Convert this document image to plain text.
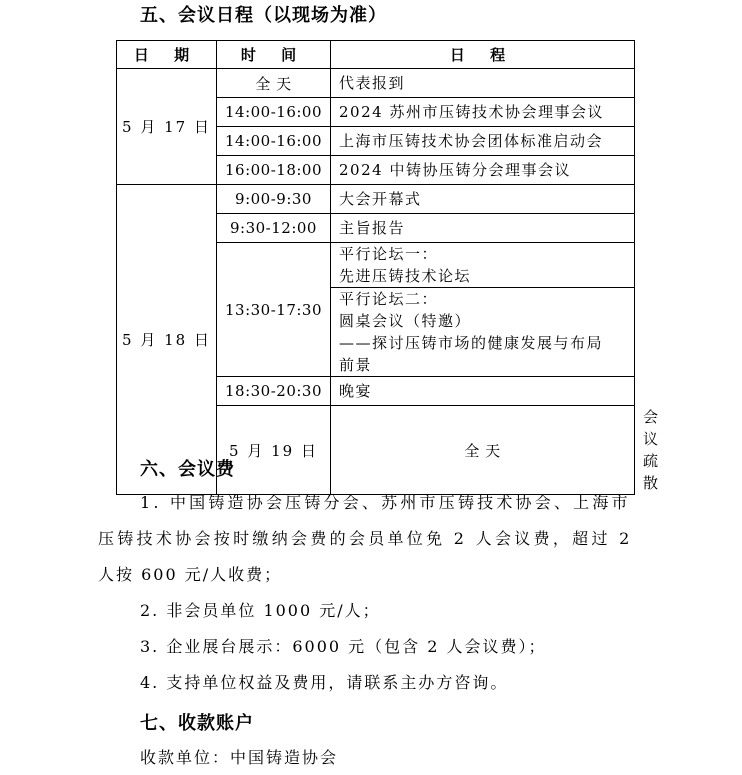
五、会议日程（以现场为准）
日 期	时 间	日 程	
5 月 17 日	全 天	代表报到	
	14:00-16:00	2024 苏州市压铸技术协会理事会议	
	14:00-16:00	上海市压铸技术协会团体标准启动会	
	16:00-18:00	2024 中铸协压铸分会理事会议	
5 月 18 日	9:00-9:30	大会开幕式	
	9:30-12:00	主旨报告	
	13:30-17:30	平行论坛一：
先进压铸技术论坛	

		平行论坛二：
圆桌会议（特邀）
——探讨压铸市场的健康发展与布局
前景	

	18:30-20:30	晚宴	
	5 月 19 日	全 天	会议疏散
六、会议费
1. 中国铸造协会压铸分会、苏州市压铸技术协会、上海市
压铸技术协会按时缴纳会费的会员单位免 2 人会议费，超过 2
人按 600 元/人收费；
2. 非会员单位 1000 元/人；
3. 企业展台展示：6000 元（包含 2 人会议费）；
4. 支持单位权益及费用，请联系主办方咨询。
七、收款账户
收款单位：中国铸造协会
